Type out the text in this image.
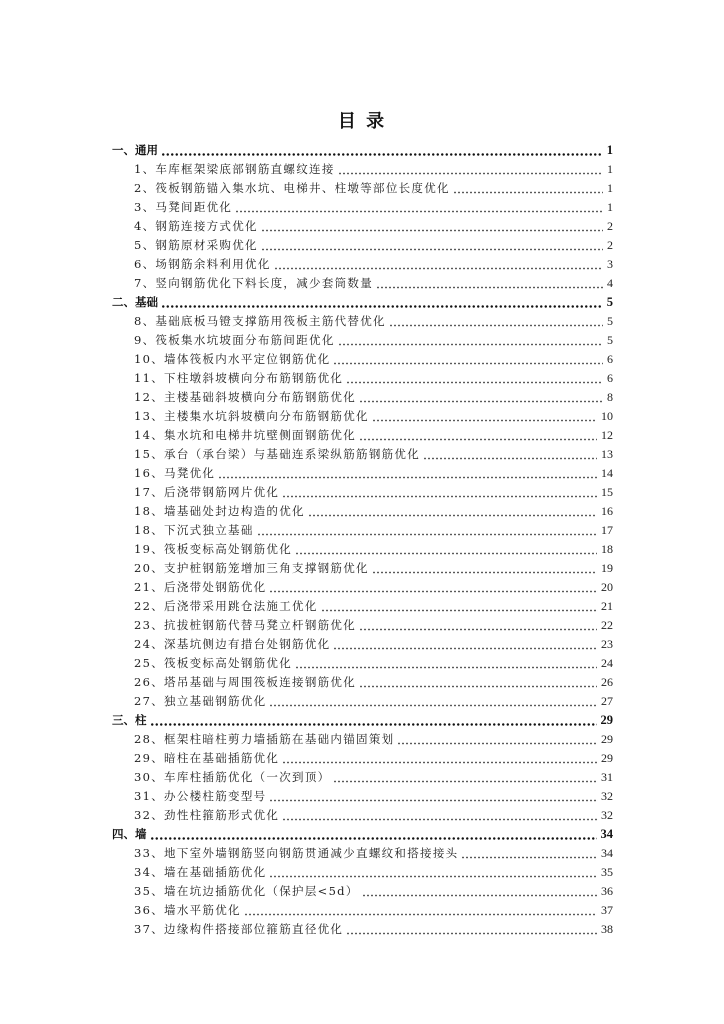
目 录
一、通用	1
1、车库框架梁底部钢筋直螺纹连接	1
2、筏板钢筋锚入集水坑、电梯井、柱墩等部位长度优化	1
3、马凳间距优化	1
4、钢筋连接方式优化	2
5、钢筋原材采购优化	2
6、场钢筋余料利用优化	3
7、竖向钢筋优化下料长度，减少套筒数量	4
二、基础	5
8、基础底板马镫支撑筋用筏板主筋代替优化	5
9、筏板集水坑坡面分布筋间距优化	5
10、墙体筏板内水平定位钢筋优化	6
11、下柱墩斜坡横向分布筋钢筋优化	6
12、主楼基础斜坡横向分布筋钢筋优化	8
13、主楼集水坑斜坡横向分布筋钢筋优化	10
14、集水坑和电梯井坑壁侧面钢筋优化	12
15、承台（承台梁）与基础连系梁纵筋筋钢筋优化	13
16、马凳优化	14
17、后浇带钢筋网片优化	15
18、墙基础处封边构造的优化	16
18、下沉式独立基础	17
19、筏板变标高处钢筋优化	18
20、支护桩钢筋笼增加三角支撑钢筋优化	19
21、后浇带处钢筋优化	20
22、后浇带采用跳仓法施工优化	21
23、抗拔桩钢筋代替马凳立杆钢筋优化	22
24、深基坑侧边有措台处钢筋优化	23
25、筏板变标高处钢筋优化	24
26、塔吊基础与周围筏板连接钢筋优化	26
27、独立基础钢筋优化	27
三、柱	29
28、框架柱暗柱剪力墙插筋在基础内锚固策划	29
29、暗柱在基础插筋优化	29
30、车库柱插筋优化（一次到顶）	31
31、办公楼柱筋变型号	32
32、劲性柱箍筋形式优化	32
四、墙	34
33、地下室外墙钢筋竖向钢筋贯通减少直螺纹和搭接接头	34
34、墙在基础插筋优化	35
35、墙在坑边插筋优化（保护层<5d）	36
36、墙水平筋优化	37
37、边缘构件搭接部位箍筋直径优化	38
